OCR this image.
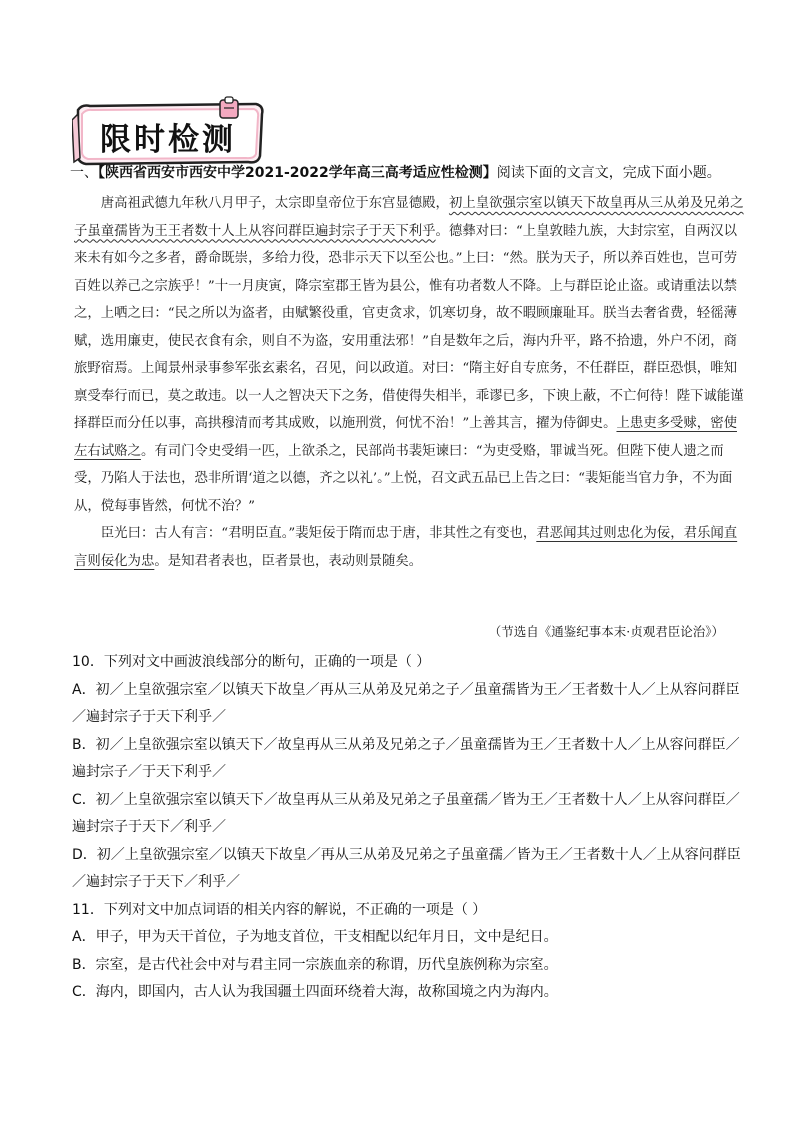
限时检测
一、【陕西省西安市西安中学2021-2022学年高三高考适应性检测】阅读下面的文言文，完成下面小题。

唐高祖武德九年秋八月甲子，太宗即皇帝位于东宫显德殿，初上皇欲强宗室以镇天下故皇再从三从弟及兄弟之子虽童孺皆为王王者数十人上从容问群臣遍封宗子于天下利乎。德彝对曰：“上皇敦睦九族，大封宗室，自两汉以来未有如今之多者，爵命既崇，多给力役，恐非示天下以至公也。”上曰：“然。朕为天子，所以养百姓也，岂可劳百姓以养己之宗族乎！”十一月庚寅，降宗室郡王皆为县公，惟有功者数人不降。上与群臣论止盗。或请重法以禁之，上哂之曰：“民之所以为盗者，由赋繁役重，官吏贪求，饥寒切身，故不暇顾廉耻耳。朕当去奢省费，轻徭薄赋，选用廉吏，使民衣食有余，则自不为盗，安用重法邪！”自是数年之后，海内升平，路不拾遗，外户不闭，商旅野宿焉。上闻景州录事参军张玄素名，召见，问以政道。对曰：“隋主好自专庶务，不任群臣，群臣恐惧，唯知禀受奉行而已，莫之敢违。以一人之智决天下之务，借使得失相半，乖谬已多，下谀上蔽，不亡何待！陛下诚能谨择群臣而分任以事，高拱穆清而考其成败，以施刑赏，何忧不治！”上善其言，擢为侍御史。上患吏多受赇，密使左右试赂之。有司门令史受绢一匹，上欲杀之，民部尚书裴矩谏曰：“为吏受赂，罪诚当死。但陛下使人遗之而受，乃陷人于法也，恐非所谓‘道之以德，齐之以礼’。”上悦，召文武五品已上告之曰：“裴矩能当官力争，不为面从，傥每事皆然，何忧不治？”

臣光曰：古人有言：“君明臣直。”裴矩佞于隋而忠于唐，非其性之有变也，君恶闻其过则忠化为佞，君乐闻直言则佞化为忠。是知君者表也，臣者景也，表动则景随矣。

（节选自《通鉴纪事本末·贞观君臣论治》）

10．下列对文中画波浪线部分的断句，正确的一项是（ ）

A．初／上皇欲强宗室／以镇天下故皇／再从三从弟及兄弟之子／虽童孺皆为王／王者数十人／上从容问群臣／遍封宗子于天下利乎／

B．初／上皇欲强宗室以镇天下／故皇再从三从弟及兄弟之子／虽童孺皆为王／王者数十人／上从容问群臣／遍封宗子／于天下利乎／

C．初／上皇欲强宗室以镇天下／故皇再从三从弟及兄弟之子虽童孺／皆为王／王者数十人／上从容问群臣／遍封宗子于天下／利乎／

D．初／上皇欲强宗室／以镇天下故皇／再从三从弟及兄弟之子虽童孺／皆为王／王者数十人／上从容问群臣／遍封宗子于天下／利乎／

11．下列对文中加点词语的相关内容的解说，不正确的一项是（ ）

A．甲子，甲为天干首位，子为地支首位，干支相配以纪年月日，文中是纪日。

B．宗室，是古代社会中对与君主同一宗族血亲的称谓，历代皇族例称为宗室。

C．海内，即国内，古人认为我国疆土四面环绕着大海，故称国境之内为海内。
